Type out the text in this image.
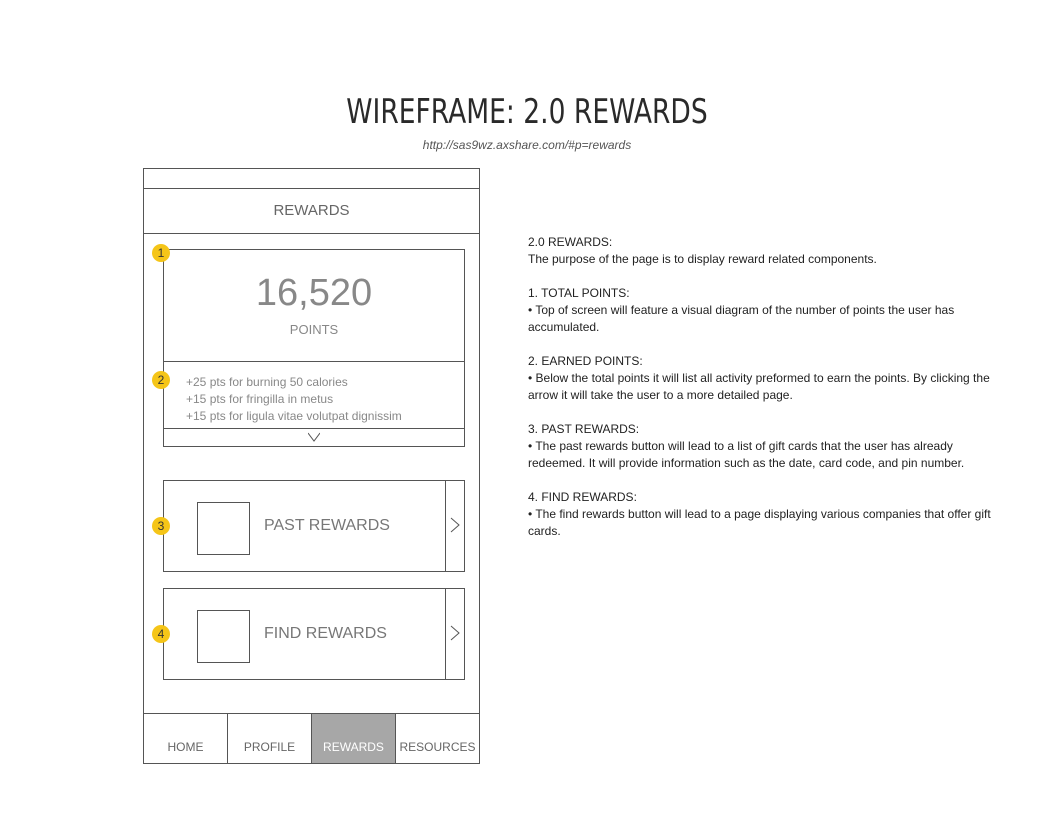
WIREFRAME: 2.0 REWARDS
http://sas9wz.axshare.com/#p=rewards
REWARDS
16,520
POINTS
+25 pts for burning 50 calories
+15 pts for fringilla in metus
+15 pts for ligula vitae volutpat dignissim
PAST REWARDS
FIND REWARDS
1
2
3
4
HOME	PROFILE	REWARDS	RESOURCES

2.0 REWARDS:

The purpose of the page is to display reward related components.

1. TOTAL POINTS:

• Top of screen will feature a visual diagram of the number of points the user has accumulated.

2. EARNED POINTS:

• Below the total points it will list all activity preformed to earn the points. By clicking the arrow it will take the user to a more detailed page.

3. PAST REWARDS:

• The past rewards button will lead to a list of gift cards that the user has already redeemed. It will provide information such as the date, card code, and pin number.

4. FIND REWARDS:

• The find rewards button will lead to a page displaying various companies that offer gift cards.
